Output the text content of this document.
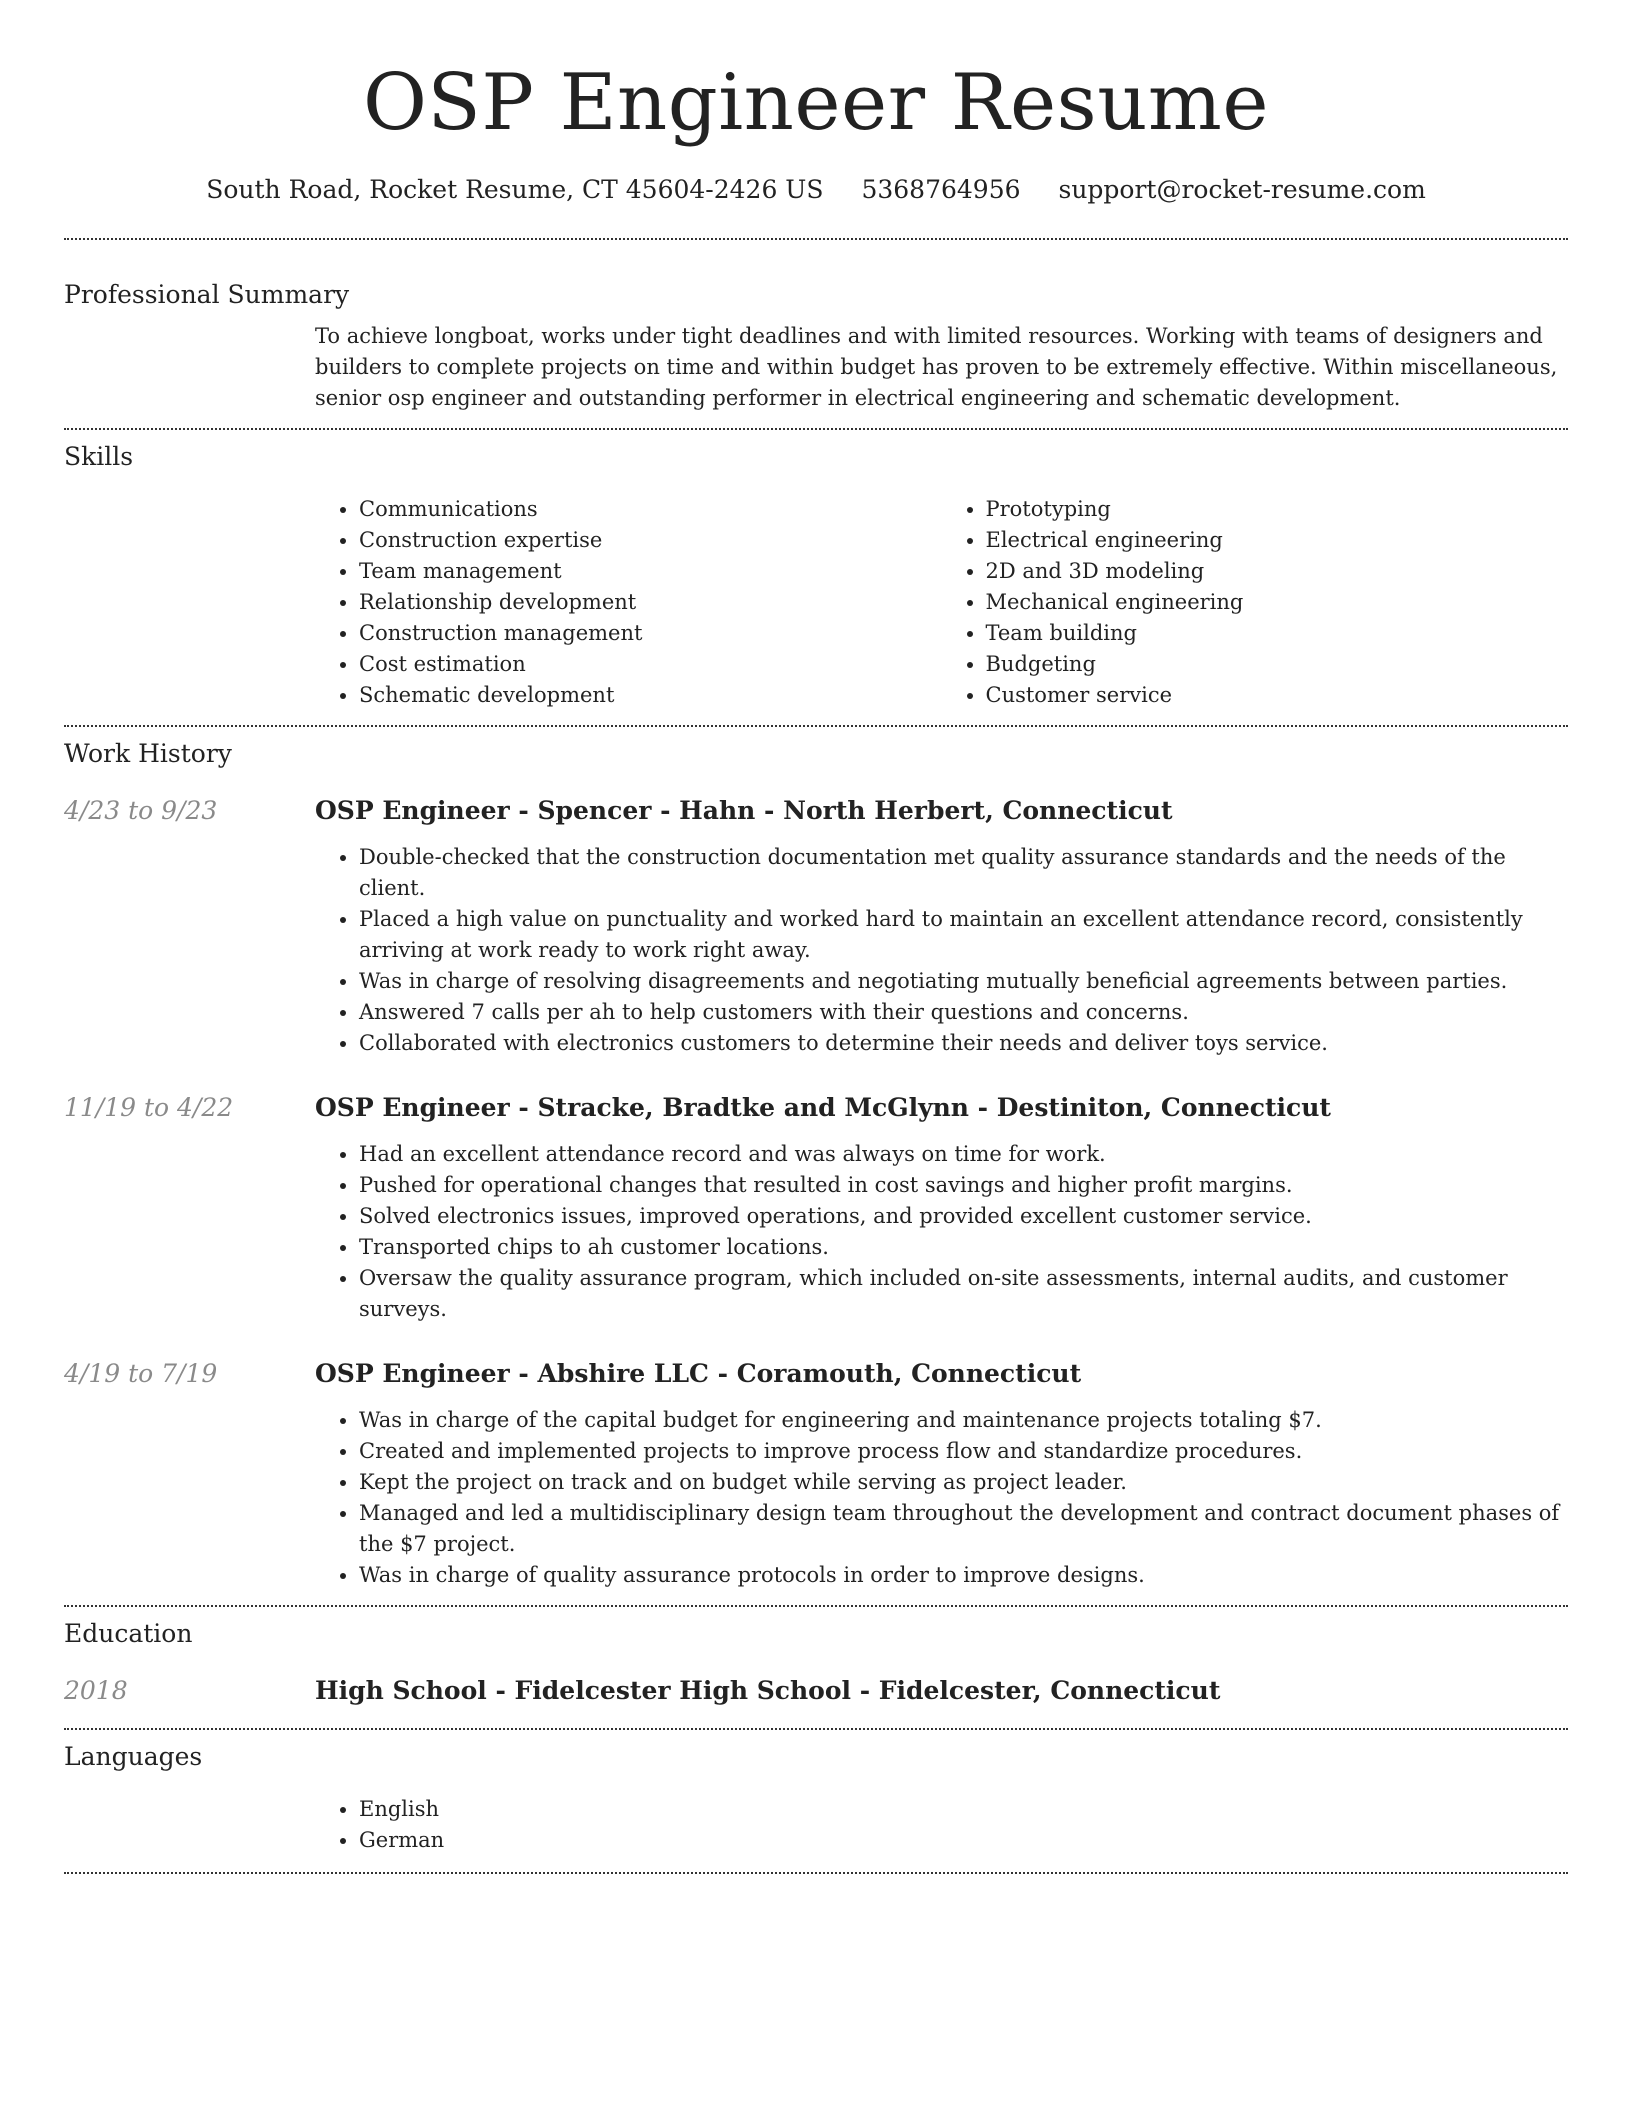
OSP Engineer Resume
South Road, Rocket Resume, CT 45604-2426 US 5368764956 support@rocket-resume.com
Professional Summary

To achieve longboat, works under tight deadlines and with limited resources. Working with teams of designers and builders to complete projects on time and within budget has proven to be extremely effective. Within miscellaneous, senior osp engineer and outstanding performer in electrical engineering and schematic development.

Skills
• Communications
• Construction expertise
• Team management
• Relationship development
• Construction management
• Cost estimation
• Schematic development
• Prototyping
• Electrical engineering
• 2D and 3D modeling
• Mechanical engineering
• Team building
• Budgeting
• Customer service
Work History
4/23 to 9/23	OSP Engineer - Spencer - Hahn - North Herbert, Connecticut
• Double-checked that the construction documentation met quality assurance standards and the needs of the client.
• Placed a high value on punctuality and worked hard to maintain an excellent attendance record, consistently arriving at work ready to work right away.
• Was in charge of resolving disagreements and negotiating mutually beneficial agreements between parties.
• Answered 7 calls per ah to help customers with their questions and concerns.
• Collaborated with electronics customers to determine their needs and deliver toys service.
11/19 to 4/22	OSP Engineer - Stracke, Bradtke and McGlynn - Destiniton, Connecticut
• Had an excellent attendance record and was always on time for work.
• Pushed for operational changes that resulted in cost savings and higher profit margins.
• Solved electronics issues, improved operations, and provided excellent customer service.
• Transported chips to ah customer locations.
• Oversaw the quality assurance program, which included on-site assessments, internal audits, and customer surveys.
4/19 to 7/19	OSP Engineer - Abshire LLC - Coramouth, Connecticut
• Was in charge of the capital budget for engineering and maintenance projects totaling $7.
• Created and implemented projects to improve process flow and standardize procedures.
• Kept the project on track and on budget while serving as project leader.
• Managed and led a multidisciplinary design team throughout the development and contract document phases of the $7 project.
• Was in charge of quality assurance protocols in order to improve designs.
Education
2018	High School - Fidelcester High School - Fidelcester, Connecticut
Languages
• English
• German
